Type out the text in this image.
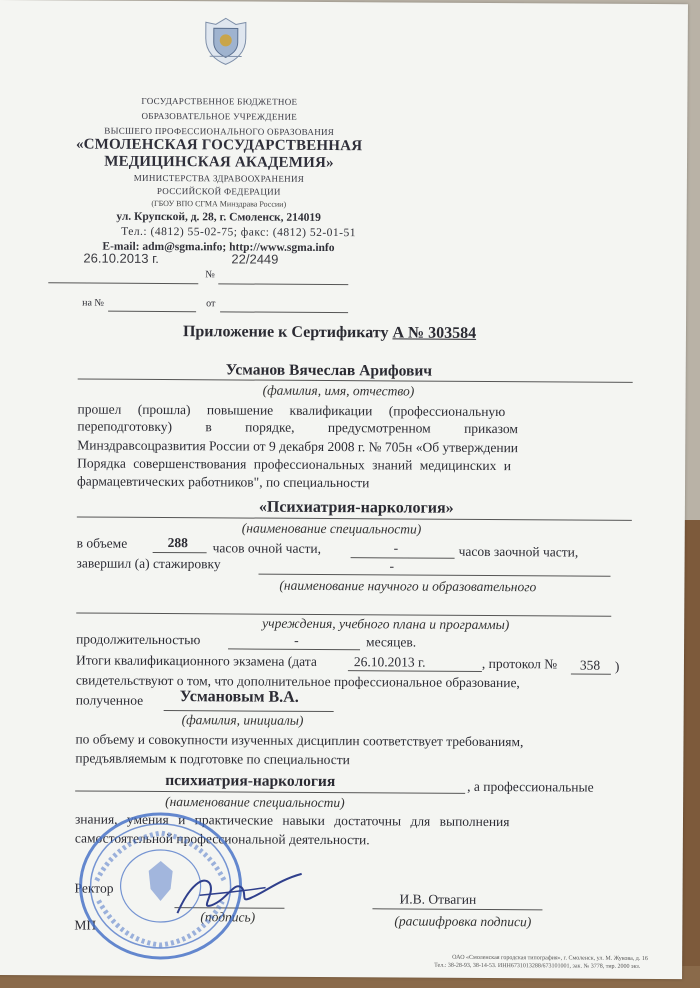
ГОСУДАРСТВЕННОЕ БЮДЖЕТНОЕ
ОБРАЗОВАТЕЛЬНОЕ УЧРЕЖДЕНИЕ
ВЫСШЕГО ПРОФЕССИОНАЛЬНОГО ОБРАЗОВАНИЯ
«СМОЛЕНСКАЯ ГОСУДАРСТВЕННАЯ
МЕДИЦИНСКАЯ АКАДЕМИЯ»
МИНИСТЕРСТВА ЗДРАВООХРАНЕНИЯ
РОССИЙСКОЙ ФЕДЕРАЦИИ
(ГБОУ ВПО СГМА Минздрава России)
ул. Крупской, д. 28, г. Смоленск, 214019
Тел.: (4812) 55-02-75; факс: (4812) 52-01-51
E-mail: adm@sgma.info; http://www.sgma.info
26.10.2013 г.	22/2449
№
на №	от
Приложение к Сертификату А № 303584
Усманов Вячеслав Арифович
(фамилия, имя, отчество)
прошел (прошла) повышение квалификации (профессиональную
переподготовку) в порядке, предусмотренном приказом
Минздравсоцразвития России от 9 декабря 2008 г. № 705н «Об утверждении
Порядка совершенствования профессиональных знаний медицинских и
фармацевтических работников", по специальности
«Психиатрия-наркология»
(наименование специальности)
в объеме	288 часов очной части,	-	часов заочной части,
завершил (а) стажировку	-
(наименование научного и образовательного
учреждения, учебного плана и программы)
продолжительностью	-	месяцев.
Итоги квалификационного экзамена (дата	26.10.2013 г.	, протокол № 358 )
свидетельствуют о том, что дополнительное профессиональное образование,
полученное Усмановым В.А.
(фамилия, инициалы)
по объему и совокупности изученных дисциплин соответствует требованиям,
предъявляемым к подготовке по специальности
психиатрия-наркология	, а профессиональные
(наименование специальности)
знания, умения и практические навыки достаточны для выполнения
самостоятельной профессиональной деятельности.
Ректор
МП
(подпись)
И.В. Отвагин
(расшифровка подписи)
ОАО «Смоленская городская типография», г. Смоленск, ул. М. Жукова, д. 16
Тел.: 38-28-93, 38-14-53. ИНН6731013288/673101001, зак. № 3778, тир. 2000 экз.
